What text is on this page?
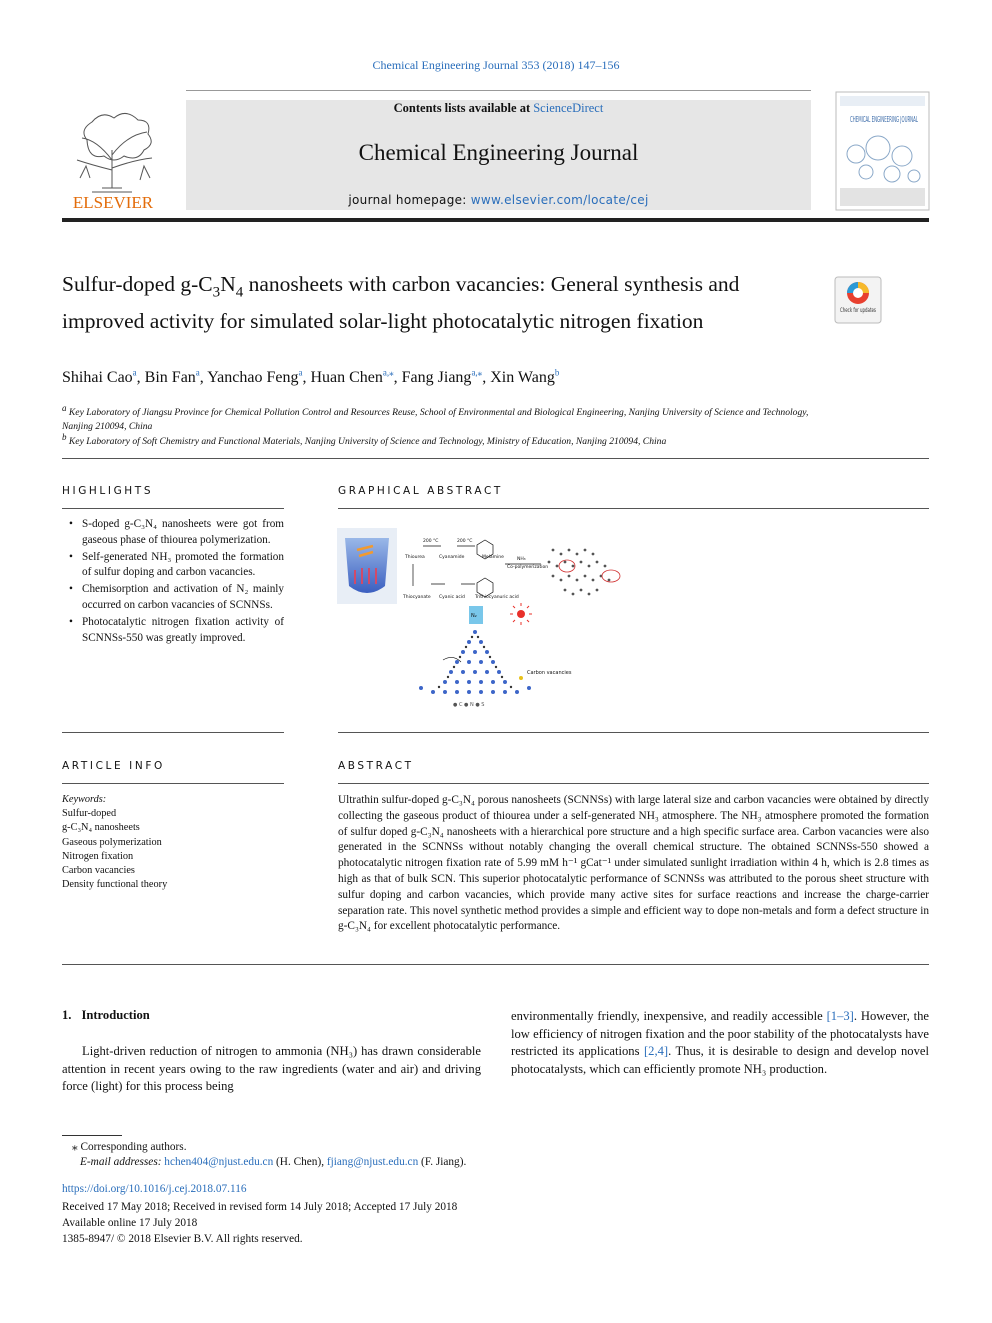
Chemical Engineering Journal 353 (2018) 147–156
ELSEVIER
Contents lists available at ScienceDirect
Chemical Engineering Journal
journal homepage: www.elsevier.com/locate/cej
CHEMICAL ENGINEERING JOURNAL
Sulfur-doped $g-C_3N_4$ nanosheets with carbon vacancies: General synthesis and improved activity for simulated solar-light photocatalytic nitrogen fixation	Check for updates
Shihai Cao$^a$, Bin Fan$^a$, Yanchao Feng$^a$, Huan Chen$^{a,⁎}$, Fang Jiang$^{a,⁎}$, Xin Wang$^b$
$^a$ Key Laboratory of Jiangsu Province for Chemical Pollution Control and Resources Reuse, School of Environmental and Biological Engineering, Nanjing University of Science and Technology, Nanjing 210094, China
$^b$ Key Laboratory of Soft Chemistry and Functional Materials, Nanjing University of Science and Technology, Ministry of Education, Nanjing 210094, China
HIGHLIGHTS
• S-doped g-C₃N₄ nanosheets were got from gaseous phase of thiourea polymerization.
• Self-generated NH₃ promoted the formation of sulfur doping and carbon vacancies.
• Chemisorption and activation of N₂ mainly occurred on carbon vacancies of SCNNSs.
• Photocatalytic nitrogen fixation activity of SCNNSs-550 was greatly improved.
GRAPHICAL ABSTRACT
Thiourea	Cyanamide	Melamine
Thiocyanate Cyanic acid Trithiocyanuric acid
NH₃
Co-polymerization
200 °C	200 °C
N₂
Carbon vacancies
● C ● N ● S
ARTICLE INFO
Keywords:
Sulfur-doped
g-C₃N₄ nanosheets
Gaseous polymerization
Nitrogen fixation
Carbon vacancies
Density functional theory
ABSTRACT

Ultrathin sulfur-doped g-C₃N₄ porous nanosheets (SCNNSs) with large lateral size and carbon vacancies were obtained by directly collecting the gaseous product of thiourea under a self-generated NH₃ atmosphere. The NH₃ atmosphere promoted the formation of sulfur doped g-C₃N₄ nanosheets with a hierarchical pore structure and a high specific surface area. Carbon vacancies were also generated in the SCNNSs without notably changing the overall chemical structure. The obtained SCNNSs-550 showed a photocatalytic nitrogen fixation rate of 5.99 mM h⁻¹ gCat⁻¹ under simulated sunlight irradiation within 4 h, which is 2.8 times as high as that of bulk SCN. This superior photocatalytic performance of SCNNSs was attributed to the porous sheet structure with sulfur doping and carbon vacancies, which provide many active sites for surface reactions and increase the charge-carrier separation rate. This novel synthetic method provides a simple and efficient way to dope non-metals and form a defect structure in g-C₃N₄ for excellent photocatalytic performance.

1. Introduction

Light-driven reduction of nitrogen to ammonia (NH₃) has drawn considerable attention in recent years owing to the raw ingredients (water and air) and driving force (light) for this process being

environmentally friendly, inexpensive, and readily accessible [1–3]. However, the low efficiency of nitrogen fixation and the poor stability of the photocatalysts have restricted its applications [2,4]. Thus, it is desirable to design and develop novel photocatalysts, which can efficiently promote NH₃ production.

⁎ Corresponding authors.
E-mail addresses: hchen404@njust.edu.cn (H. Chen), fjiang@njust.edu.cn (F. Jiang).
https://doi.org/10.1016/j.cej.2018.07.116
Received 17 May 2018; Received in revised form 14 July 2018; Accepted 17 July 2018
Available online 17 July 2018
1385-8947/ © 2018 Elsevier B.V. All rights reserved.
